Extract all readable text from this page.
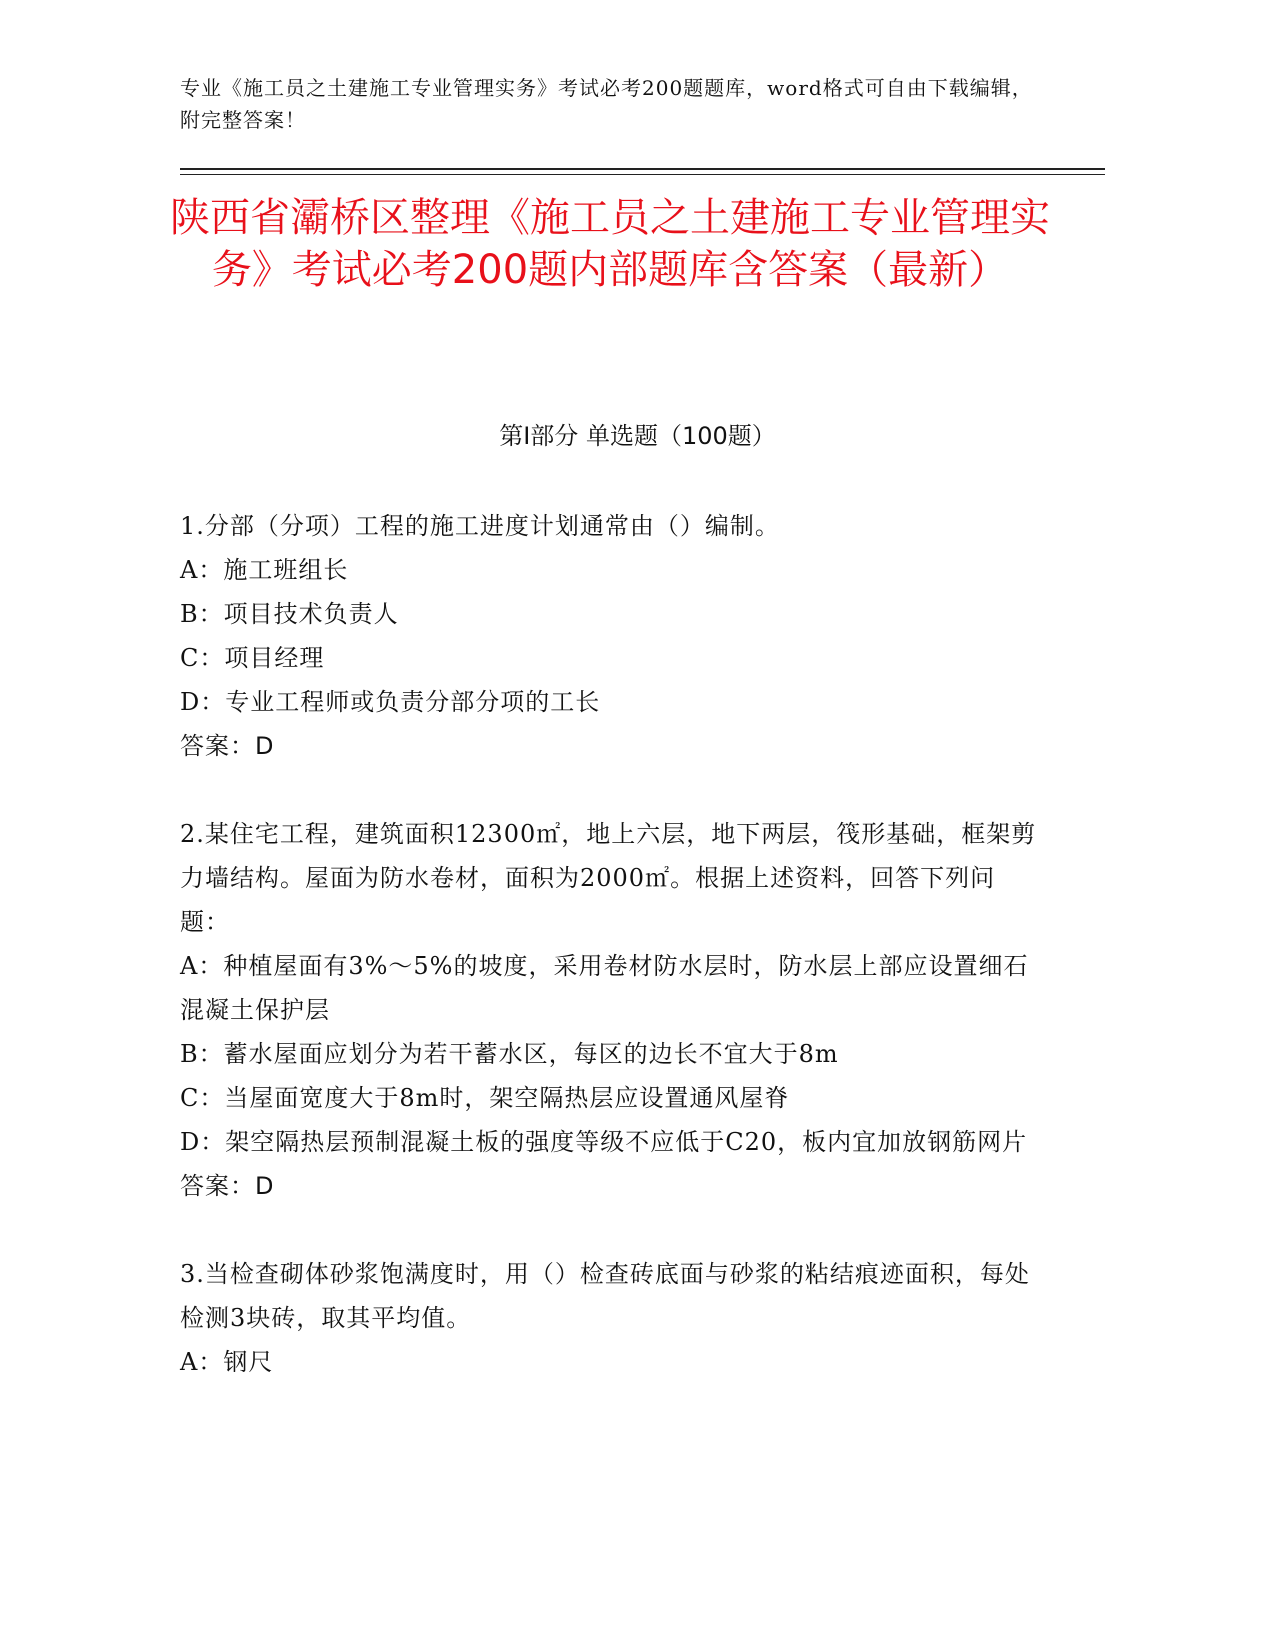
专业《施工员之土建施工专业管理实务》考试必考200题题库，word格式可自由下载编辑，附完整答案！
陕西省灞桥区整理《施工员之土建施工专业管理实务》考试必考200题内部题库含答案（最新）
第I部分 单选题（100题）

1.分部（分项）工程的施工进度计划通常由（）编制。

A：施工班组长

B：项目技术负责人

C：项目经理

D：专业工程师或负责分部分项的工长

答案：D

2.某住宅工程，建筑面积12300㎡，地上六层，地下两层，筏形基础，框架剪力墙结构。屋面为防水卷材，面积为2000㎡。根据上述资料，回答下列问题：

A：种植屋面有3%～5%的坡度，采用卷材防水层时，防水层上部应设置细石混凝土保护层

B：蓄水屋面应划分为若干蓄水区，每区的边长不宜大于8m

C：当屋面宽度大于8m时，架空隔热层应设置通风屋脊

D：架空隔热层预制混凝土板的强度等级不应低于C20，板内宜加放钢筋网片

答案：D

3.当检查砌体砂浆饱满度时，用（）检查砖底面与砂浆的粘结痕迹面积，每处检测3块砖，取其平均值。

A：钢尺
